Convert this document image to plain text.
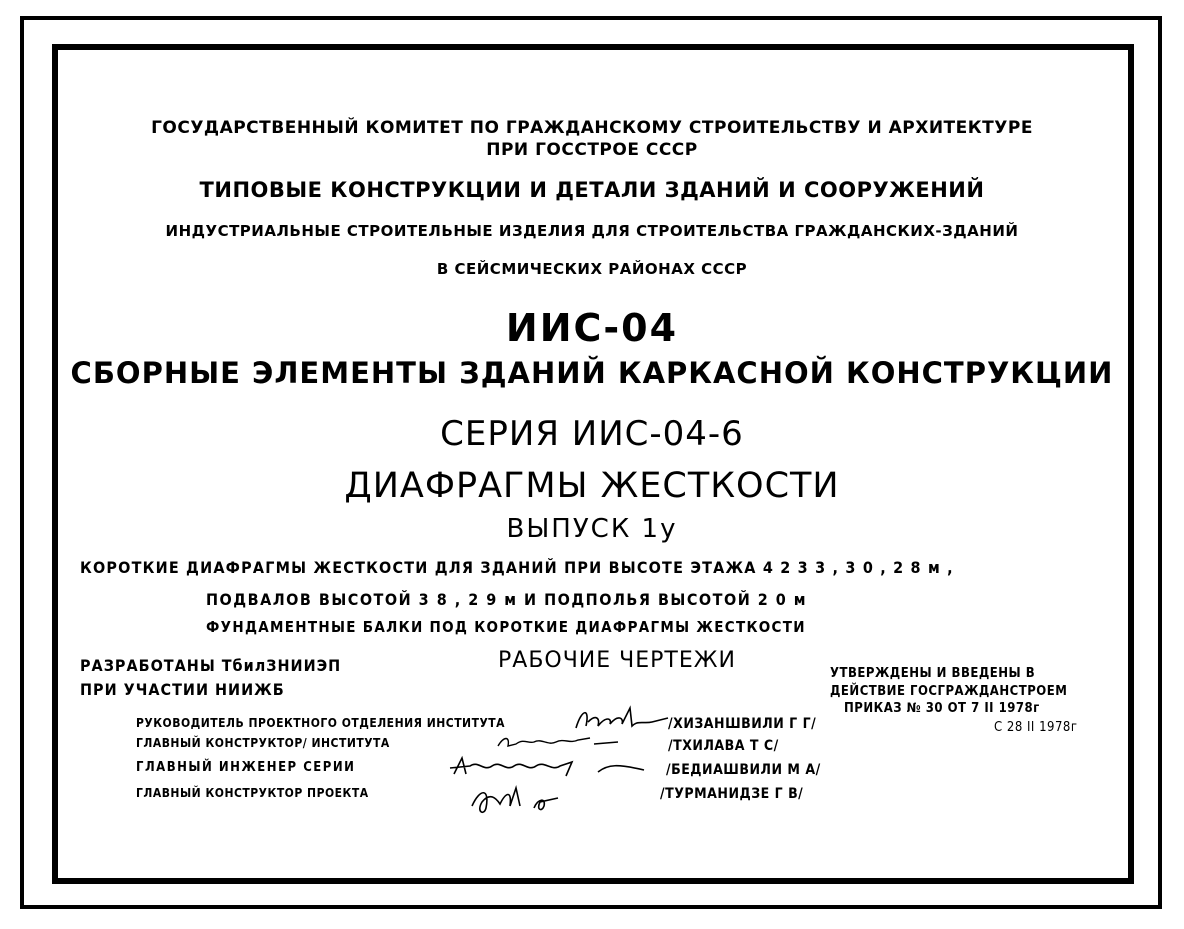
ГОСУДАРСТВЕННЫЙ КОМИТЕТ ПО ГРАЖДАНСКОМУ СТРОИТЕЛЬСТВУ И АРХИТЕКТУРЕ
ПРИ ГОССТРОЕ СССР
ТИПОВЫЕ КОНСТРУКЦИИ И ДЕТАЛИ ЗДАНИЙ И СООРУЖЕНИЙ
ИНДУСТРИАЛЬНЫЕ СТРОИТЕЛЬНЫЕ ИЗДЕЛИЯ ДЛЯ СТРОИТЕЛЬСТВА ГРАЖДАНСКИХ-ЗДАНИЙ
В СЕЙСМИЧЕСКИХ РАЙОНАХ СССР
ИИС-04
СБОРНЫЕ ЭЛЕМЕНТЫ ЗДАНИЙ КАРКАСНОЙ КОНСТРУКЦИИ
СЕРИЯ ИИС-04-6
ДИАФРАГМЫ ЖЕСТКОСТИ
ВЫПУСК 1у
КОРОТКИЕ ДИАФРАГМЫ ЖЕСТКОСТИ ДЛЯ ЗДАНИЙ ПРИ ВЫСОТЕ ЭТАЖА 4 2 3 3 , 3 0 , 2 8 м ,
ПОДВАЛОВ ВЫСОТОЙ 3 8 , 2 9 м И ПОДПОЛЬЯ ВЫСОТОЙ 2 0 м
ФУНДАМЕНТНЫЕ БАЛКИ ПОД КОРОТКИЕ ДИАФРАГМЫ ЖЕСТКОСТИ
РАБОЧИЕ ЧЕРТЕЖИ
РАЗРАБОТАНЫ ТбилЗНИИЭП
ПРИ УЧАСТИИ НИИЖБ
УТВЕРЖДЕНЫ И ВВЕДЕНЫ В
ДЕЙСТВИЕ ГОСГРАЖДАНСТРОЕМ
ПРИКАЗ № 30 ОТ 7 II 1978г
С 28 II 1978г
РУКОВОДИТЕЛЬ ПРОЕКТНОГО ОТДЕЛЕНИЯ ИНСТИТУТА	/ХИЗАНШВИЛИ Г Г/
ГЛАВНЫЙ КОНСТРУКТОР/ ИНСТИТУТА	/ТХИЛАВА Т С/
ГЛАВНЫЙ ИНЖЕНЕР СЕРИИ	/БЕДИАШВИЛИ М А/
ГЛАВНЫЙ КОНСТРУКТОР ПРОЕКТА	/ТУРМАНИДЗЕ Г В/
